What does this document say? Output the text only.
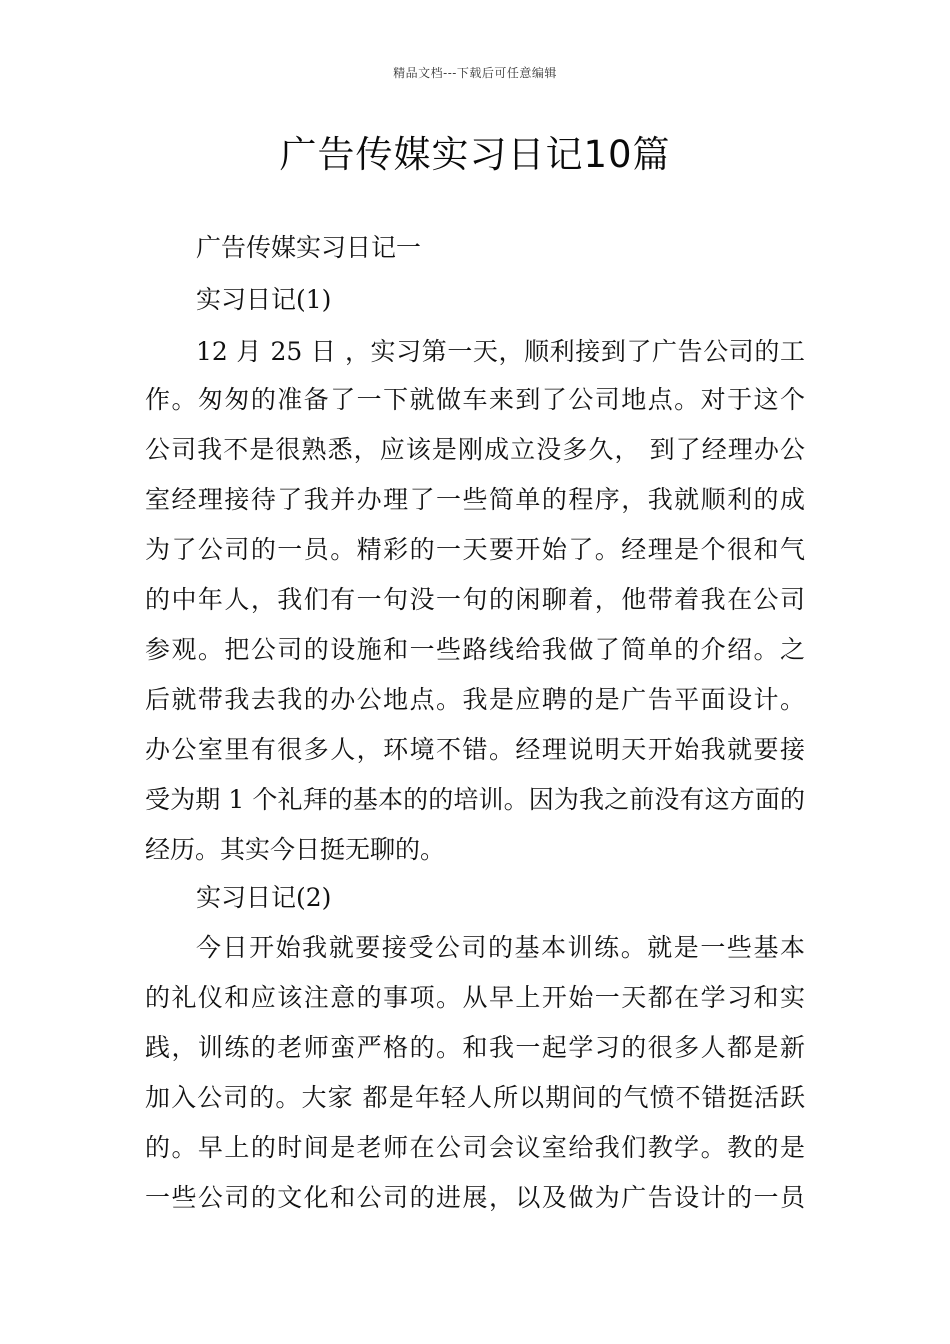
精品文档---下载后可任意编辑
广告传媒实习日记10篇
广告传媒实习日记一
实习日记(1)
12 月 25 日 ，实习第一天，顺利接到了广告公司的工
作。匆匆的准备了一下就做车来到了公司地点。对于这个
公司我不是很熟悉，应该是刚成立没多久， 到了经理办公
室经理接待了我并办理了一些简单的程序，我就顺利的成
为了公司的一员。精彩的一天要开始了。经理是个很和气
的中年人，我们有一句没一句的闲聊着，他带着我在公司
参观。把公司的设施和一些路线给我做了简单的介绍。之
后就带我去我的办公地点。我是应聘的是广告平面设计。
办公室里有很多人，环境不错。经理说明天开始我就要接
受为期 1 个礼拜的基本的的培训。因为我之前没有这方面的
经历。其实今日挺无聊的。
实习日记(2)
今日开始我就要接受公司的基本训练。就是一些基本
的礼仪和应该注意的事项。从早上开始一天都在学习和实
践，训练的老师蛮严格的。和我一起学习的很多人都是新
加入公司的。大家 都是年轻人所以期间的气愤不错挺活跃
的。早上的时间是老师在公司会议室给我们教学。教的是
一些公司的文化和公司的进展，以及做为广告设计的一员
